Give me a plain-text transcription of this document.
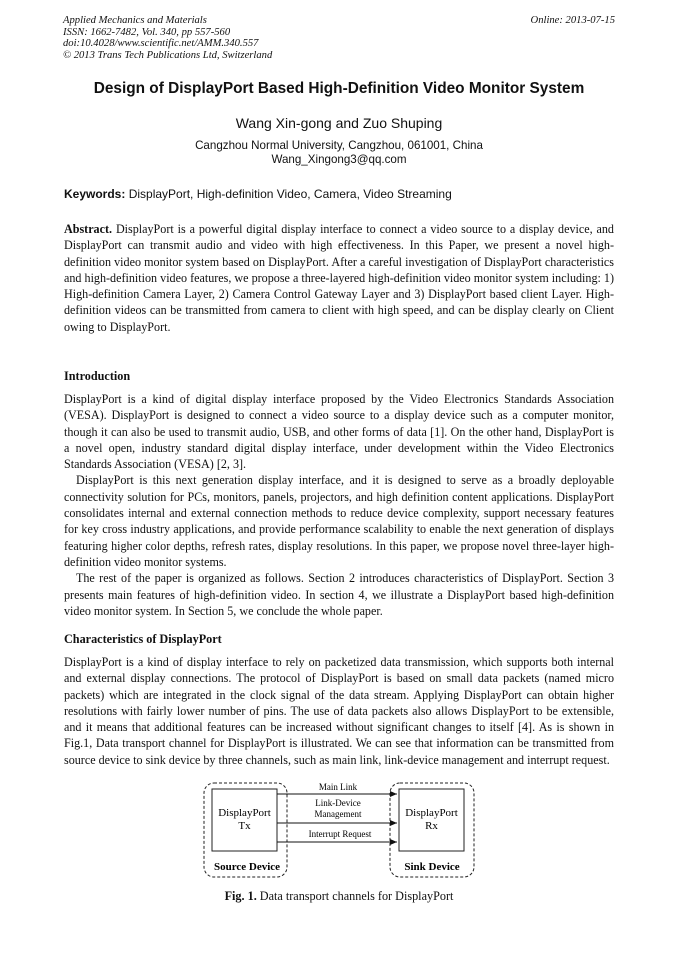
Applied Mechanics and Materials
ISSN: 1662-7482, Vol. 340, pp 557-560
doi:10.4028/www.scientific.net/AMM.340.557
© 2013 Trans Tech Publications Ltd, Switzerland
Online: 2013-07-15
Design of DisplayPort Based High-Definition Video Monitor System
Wang Xin-gong and Zuo Shuping
Cangzhou Normal University, Cangzhou, 061001, China
Wang_Xingong3@qq.com
Keywords: DisplayPort, High-definition Video, Camera, Video Streaming

Abstract. DisplayPort is a powerful digital display interface to connect a video source to a display device, and DisplayPort can transmit audio and video with high effectiveness. In this Paper, we present a novel high-definition video monitor system based on DisplayPort. After a careful investigation of DisplayPort characteristics and high-definition video features, we propose a three-layered high-definition video monitor system including: 1) High-definition Camera Layer, 2) Camera Control Gateway Layer and 3) DisplayPort based client Layer. High-definition videos can be transmitted from camera to client with high speed, and can be display clearly on Client owing to DisplayPort.

Introduction

DisplayPort is a kind of digital display interface proposed by the Video Electronics Standards Association (VESA). DisplayPort is designed to connect a video source to a display device such as a computer monitor, though it can also be used to transmit audio, USB, and other forms of data [1]. On the other hand, DisplayPort is a novel open, industry standard digital display interface, under development within the Video Electronics Standards Association (VESA) [2, 3].

DisplayPort is this next generation display interface, and it is designed to serve as a broadly deployable connectivity solution for PCs, monitors, panels, projectors, and high definition content applications. DisplayPort consolidates internal and external connection methods to reduce device complexity, support necessary features for key cross industry applications, and provide performance scalability to enable the next generation of displays featuring higher color depths, refresh rates, display resolutions. In this paper, we propose novel three-layer high-definition video monitor systems.

The rest of the paper is organized as follows. Section 2 introduces characteristics of DisplayPort. Section 3 presents main features of high-definition video. In section 4, we illustrate a DisplayPort based high-definition video monitor system. In Section 5, we conclude the whole paper.

Characteristics of DisplayPort

DisplayPort is a kind of display interface to rely on packetized data transmission, which supports both internal and external display connections. The protocol of DisplayPort is based on small data packets (named micro packets) which are integrated in the clock signal of the data stream. Applying DisplayPort can obtain higher resolutions with fairly lower number of pins. The use of data packets also allows DisplayPort to be extensible, and it means that additional features can be increased without significant changes to itself [4]. As is shown in Fig.1, Data transport channel for DisplayPort is illustrated. We can see that information can be transmitted from source device to sink device by three channels, such as main link, link-device management and interrupt request.

DisplayPort
Tx
DisplayPort
Rx
Main Link
Link-Device
Management
Interrupt Request
Source Device	Sink Device
Fig. 1. Data transport channels for DisplayPort
